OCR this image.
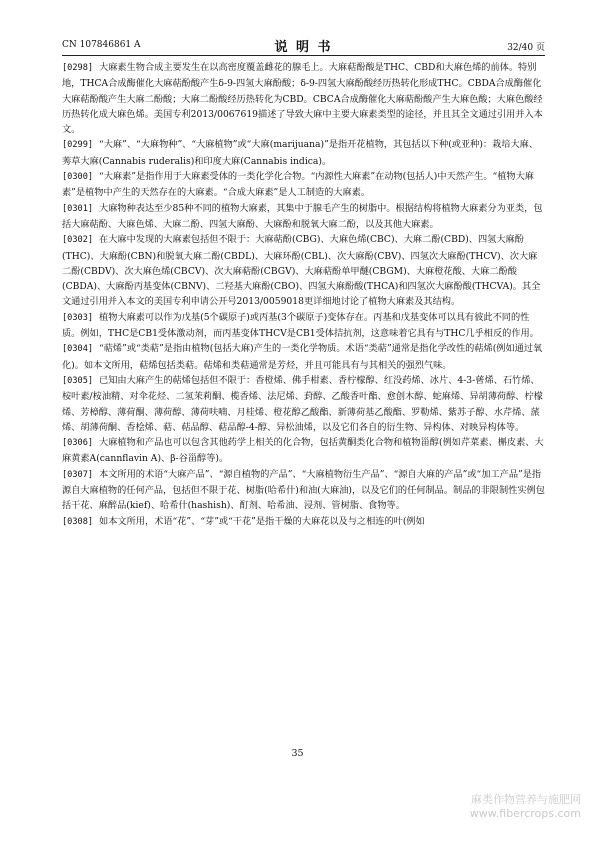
CN 107846861 A	说 明 书	32/40 页

[0298] 大麻素生物合成主要发生在以高密度覆盖雌花的腺毛上。大麻萜酚酸是THC、CBD和大麻色烯的前体。特别地，THCA合成酶催化大麻萜酚酸产生δ-9-四氢大麻酚酸；δ-9-四氢大麻酚酸经历热转化形成THC。CBDA合成酶催化大麻萜酚酸产生大麻二酚酸；大麻二酚酸经历热转化为CBD。CBCA合成酶催化大麻萜酚酸产生大麻色酸；大麻色酸经历热转化成大麻色烯。美国专利2013/0067619描述了导致大麻中主要大麻素类型的途径，并且其全文通过引用并入本文。

[0299] “大麻”、“大麻物种”、“大麻植物”或“大麻(marijuana)”是指开花植物，其包括以下种(或亚种)：栽培大麻、莠草大麻(Cannabis ruderalis)和印度大麻(Cannabis indica)。

[0300] “大麻素”是指作用于大麻素受体的一类化学化合物。“内源性大麻素”在动物(包括人)中天然产生。“植物大麻素”是植物中产生的天然存在的大麻素。“合成大麻素”是人工制造的大麻素。

[0301] 大麻物种表达至少85种不同的植物大麻素，其集中于腺毛产生的树脂中。根据结构将植物大麻素分为亚类，包括大麻萜酚、大麻色烯、大麻二酚、四氢大麻酚、大麻酚和脱氧大麻二酚，以及其他大麻素。

[0302] 在大麻中发现的大麻素包括但不限于：大麻萜酚(CBG)、大麻色烯(CBC)、大麻二酚(CBD)、四氢大麻酚(THC)、大麻酚(CBN)和脱氧大麻二酚(CBDL)、大麻环酚(CBL)、次大麻酚(CBV)、四氢次大麻酚(THCV)、次大麻二酚(CBDV)、次大麻色烯(CBCV)、次大麻萜酚(CBGV)、大麻萜酚单甲醚(CBGM)、大麻橙花酸、大麻二酚酸(CBDA)、大麻酚丙基变体(CBNV)、二羟基大麻酚(CBO)、四氢大麻酚酸(THCA)和四氢次大麻酚酸(THCVA)。其全文通过引用并入本文的美国专利申请公开号2013/0059018更详细地讨论了植物大麻素及其结构。

[0303] 植物大麻素可以作为戊基(5个碳原子)或丙基(3个碳原子)变体存在。丙基和戊基变体可以具有彼此不同的性质。例如，THC是CB1受体激动剂，而丙基变体THCV是CB1受体拮抗剂，这意味着它具有与THC几乎相反的作用。

[0304] “萜烯”或“类萜”是指由植物(包括大麻)产生的一类化学物质。术语“类萜”通常是指化学改性的萜烯(例如通过氧化)。如本文所用，萜烯包括类萜。萜烯和类萜通常是芳烃，并且可能具有与其相关的强烈气味。

[0305] 已知由大麻产生的萜烯包括但不限于：香橙烯、佛手柑素、香柠檬醇、红没药烯、冰片、4-3-蒈烯、石竹烯、桉叶素/桉油精、对伞花烃、二氢茉莉酮、榄香烯、法尼烯、葑醇、乙酸香叶酯、愈创木醇、蛇麻烯、异胡薄荷醇、柠檬烯、芳樟醇、薄荷酮、薄荷醇、薄荷呋喃、月桂烯、橙花醇乙酸酯、新薄荷基乙酸酯、罗勒烯、紫苏子醇、水芹烯、蒎烯、胡薄荷酮、香桧烯、萜、萜品醇、萜品醇-4-醇、异松油烯，以及它们各自的衍生物、异构体、对映异构体等。

[0306] 大麻植物和产品也可以包含其他药学上相关的化合物，包括黄酮类化合物和植物甾醇(例如芹菜素、槲皮素、大麻黄素A(cannflavin A)、β-谷甾醇等)。

[0307] 本文所用的术语“大麻产品”、“源自植物的产品”、“大麻植物衍生产品”、“源自大麻的产品”或“加工产品”是指源自大麻植物的任何产品，包括但不限于花、树脂(哈希什)和油(大麻油)，以及它们的任何制品。制品的非限制性实例包括干花、麻醉品(kief)、哈希什(hashish)、酊剂、哈希油、浸剂、管树脂、食物等。

[0308] 如本文所用，术语“花”、“芽”或“干花”是指干燥的大麻花以及与之相连的叶(例如

35
麻类作物营养与施肥网
www.fibercrops.com
